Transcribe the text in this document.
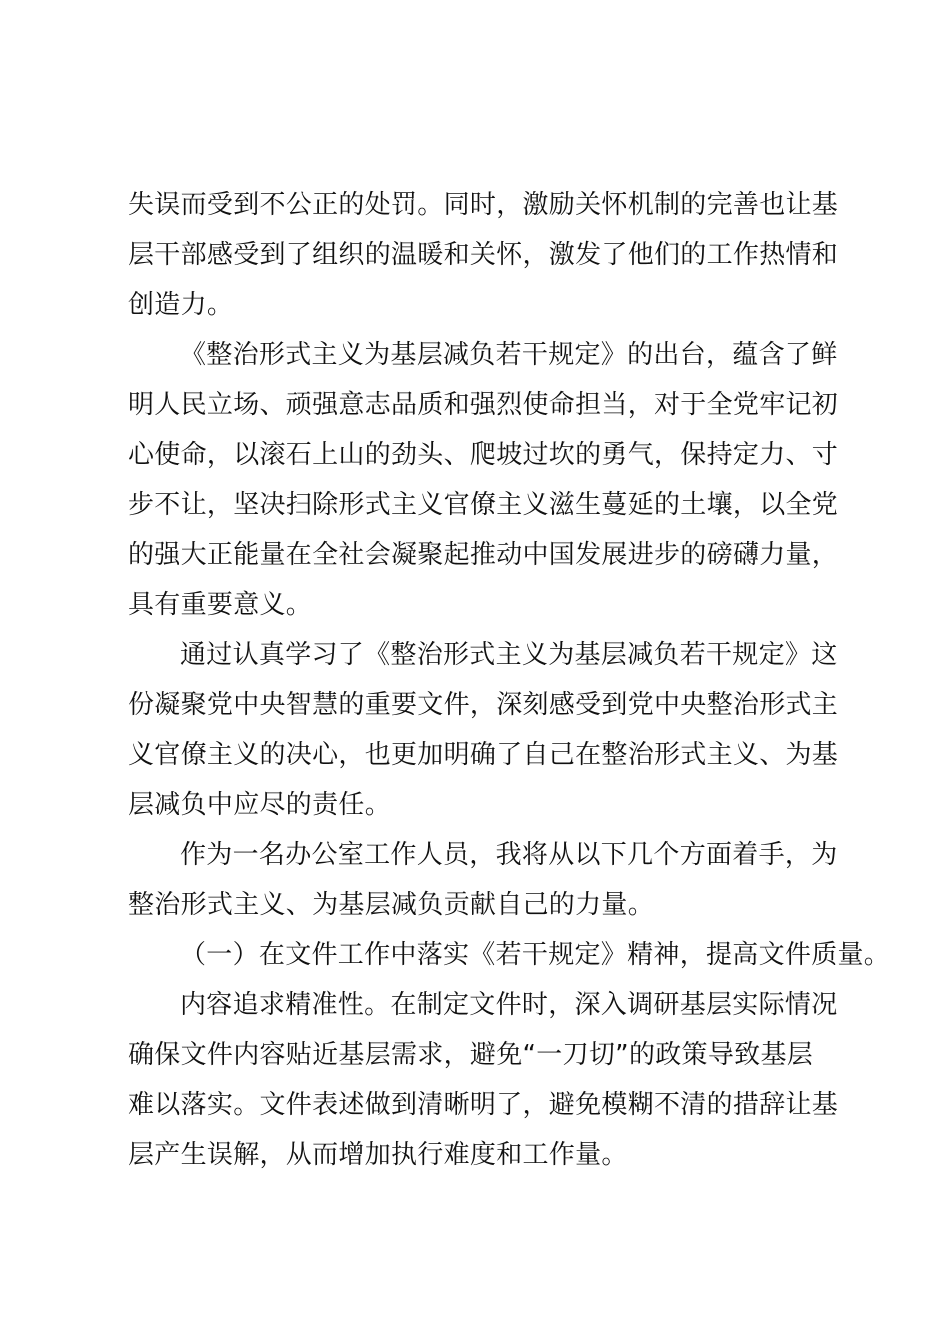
失误而受到不公正的处罚。同时，激励关怀机制的完善也让基
层干部感受到了组织的温暖和关怀，激发了他们的工作热情和
创造力。
《整治形式主义为基层减负若干规定》的出台，蕴含了鲜
明人民立场、顽强意志品质和强烈使命担当，对于全党牢记初
心使命，以滚石上山的劲头、爬坡过坎的勇气，保持定力、寸
步不让，坚决扫除形式主义官僚主义滋生蔓延的土壤，以全党
的强大正能量在全社会凝聚起推动中国发展进步的磅礴力量，
具有重要意义。
通过认真学习了《整治形式主义为基层减负若干规定》这
份凝聚党中央智慧的重要文件，深刻感受到党中央整治形式主
义官僚主义的决心，也更加明确了自己在整治形式主义、为基
层减负中应尽的责任。
作为一名办公室工作人员，我将从以下几个方面着手，为
整治形式主义、为基层减负贡献自己的力量。
（一）在文件工作中落实《若干规定》精神，提高文件质量。
内容追求精准性。在制定文件时，深入调研基层实际情况
确保文件内容贴近基层需求，避免“一刀切”的政策导致基层
难以落实。文件表述做到清晰明了，避免模糊不清的措辞让基
层产生误解，从而增加执行难度和工作量。
